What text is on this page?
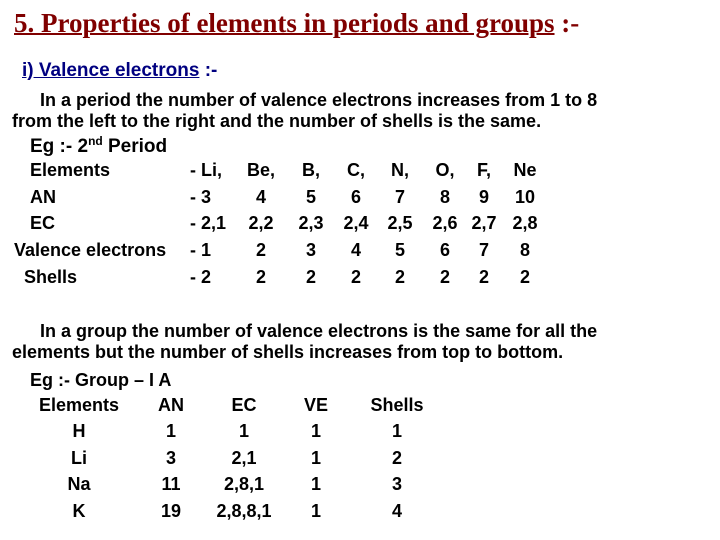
5. Properties of elements in periods and groups :-
i) Valence electrons :-

In a period the number of valence electrons increases from 1 to 8
from the left to the right and the number of shells is the same.

Eg :- 2nd Period
Elements	- Li, Be, B, C, N, O, F, Ne
AN	- 3 4 5 6 7 8 9 10
EC	- 2,1 2,2 2,3 2,4 2,5 2,6 2,7 2,8
Valence electrons - 1 2 3 4 5 6 7 8
Shells	- 2 2 2 2 2 2 2 2

In a group the number of valence electrons is the same for all the
elements but the number of shells increases from top to bottom.

Eg :- Group – I A
Elements AN	EC	VE Shells
H	1	1	1	1
Li	3	2,1	1	2
Na	11 2,8,1	1	3
K	19 2,8,8,1 1	4
